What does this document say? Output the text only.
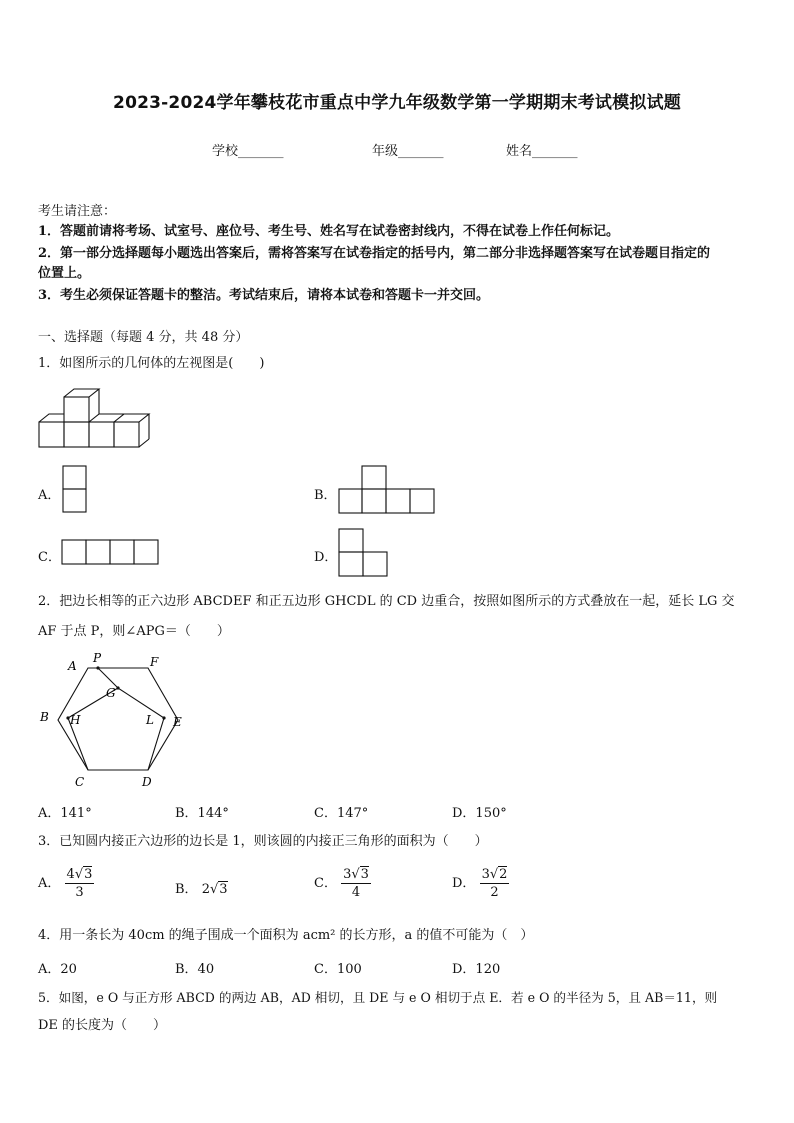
2023-2024学年攀枝花市重点中学九年级数学第一学期期末考试模拟试题
学校_______	年级_______	姓名_______
考生请注意：
1．答题前请将考场、试室号、座位号、考生号、姓名写在试卷密封线内，不得在试卷上作任何标记。
2．第一部分选择题每小题选出答案后，需将答案写在试卷指定的括号内，第二部分非选择题答案写在试卷题目指定的
位置上。
3．考生必须保证答题卡的整洁。考试结束后，请将本试卷和答题卡一并交回。
一、选择题（每题 4 分，共 48 分）
1．如图所示的几何体的左视图是(　　)
A．	B．
C．	D．
2．把边长相等的正六边形 ABCDEF 和正五边形 GHCDL 的 CD 边重合，按照如图所示的方式叠放在一起，延长 LG 交
AF 于点 P，则∠APG＝（　　）
A
P	F
G
B H	L E
C	D
A．141°	B．144°	C．147°	D．150°
3．已知圆内接正六边形的边长是 1，则该圆的内接正三角形的面积为（　　）
A． $\frac{4√3}{3}$	B． 2√3	C． $\frac{3√3}{4}$	D． $\frac{3√2}{2}$
4．用一条长为 40cm 的绳子围成一个面积为 acm² 的长方形，a 的值不可能为（　）
A．20	B．40	C．100	D．120
5．如图，e O 与正方形 ABCD 的两边 AB，AD 相切，且 DE 与 e O 相切于点 E．若 e O 的半径为 5，且 AB＝11，则
DE 的长度为（　　）
